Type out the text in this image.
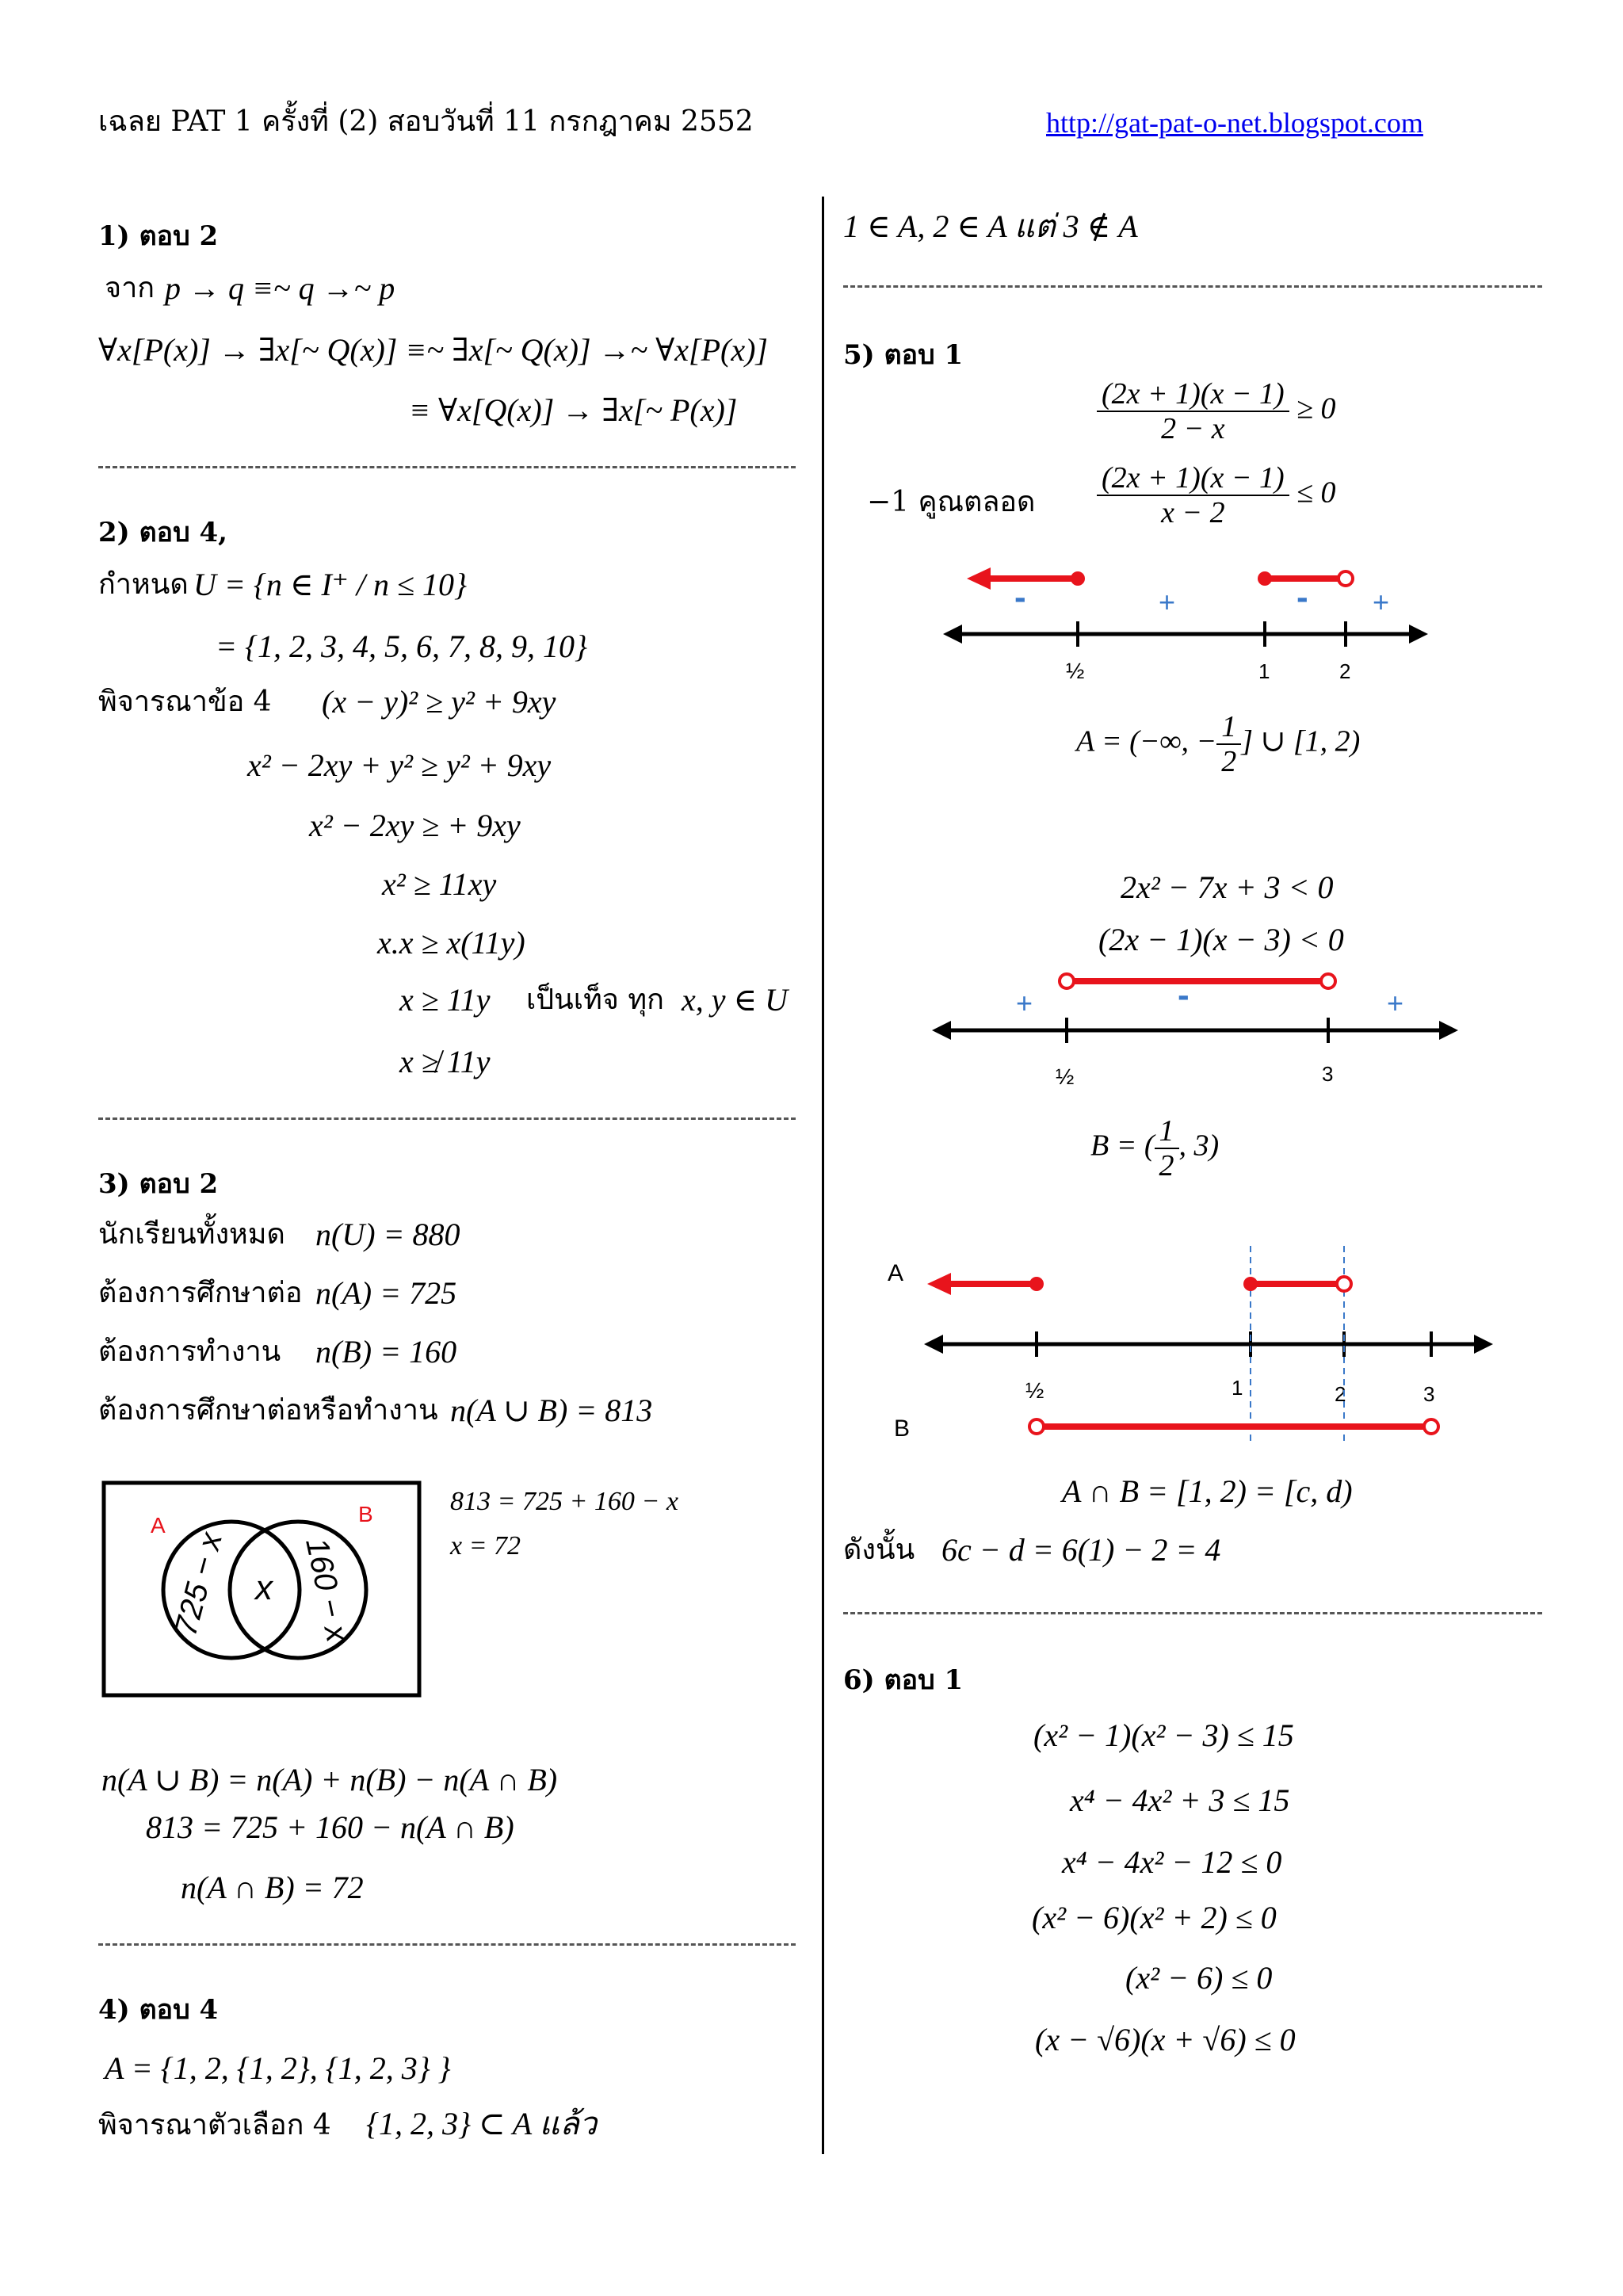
เฉลย PAT 1 ครั้งที่ (2) สอบวันที่ 11 กรกฎาคม 2552	http://gat-pat-o-net.blogspot.com
1) ตอบ 2
จาก p → q ≡~ q →~ p
∀x[P(x)] → ∃x[~ Q(x)] ≡~ ∃x[~ Q(x)] →~ ∀x[P(x)]
≡ ∀x[Q(x)] → ∃x[~ P(x)]
2) ตอบ 4,
กำหนด U = {n ∈ I⁺ / n ≤ 10}
= {1, 2, 3, 4, 5, 6, 7, 8, 9, 10}
พิจารณาข้อ 4 (x − y)² ≥ y² + 9xy
x² − 2xy + y² ≥ y² + 9xy
x² − 2xy ≥ + 9xy
x² ≥ 11xy
x.x ≥ x(11y)
x ≥ 11y เป็นเท็จ ทุก x, y ∈ U
x ≱ 11y
3) ตอบ 2
นักเรียนทั้งหมด n(U) = 880
ต้องการศึกษาต่อ n(A) = 725
ต้องการทำงาน n(B) = 160
ต้องการศึกษาต่อหรือทำงาน n(A ∪ B) = 813
A	B
725 − x x 160 − x
813 = 725 + 160 − x
x = 72
n(A ∪ B) = n(A) + n(B) − n(A ∩ B)
813 = 725 + 160 − n(A ∩ B)
n(A ∩ B) = 72
4) ตอบ 4
A = {1, 2, {1, 2}, {1, 2, 3} }
พิจารณาตัวเลือก 4 {1, 2, 3} ⊂ A แล้ว
1 ∈ A, 2 ∈ A แต่ 3 ∉ A
5) ตอบ 1
$\frac{(2x + 1)(x - 1)}{2 - x} \ge 0$
−1 คูณตลอด $\frac{(2x + 1)(x - 1)}{x - 2} \le 0$
½	1	2
-	+	- +
A = (−∞, − $\frac{1}{2}$ ] ∪ [1, 2)
2x² − 7x + 3 < 0
(2x − 1)(x − 3) < 0
½	3
+	-	+
B = ( $\frac{1}{2}$ , 3)
A
B
½	1	2	3
A ∩ B = [1, 2) = [c, d)
ดังนั้น 6c − d = 6(1) − 2 = 4
6) ตอบ 1
(x² − 1)(x² − 3) ≤ 15
x⁴ − 4x² + 3 ≤ 15
x⁴ − 4x² − 12 ≤ 0
(x² − 6)(x² + 2) ≤ 0
(x² − 6) ≤ 0
(x − √6)(x + √6) ≤ 0
